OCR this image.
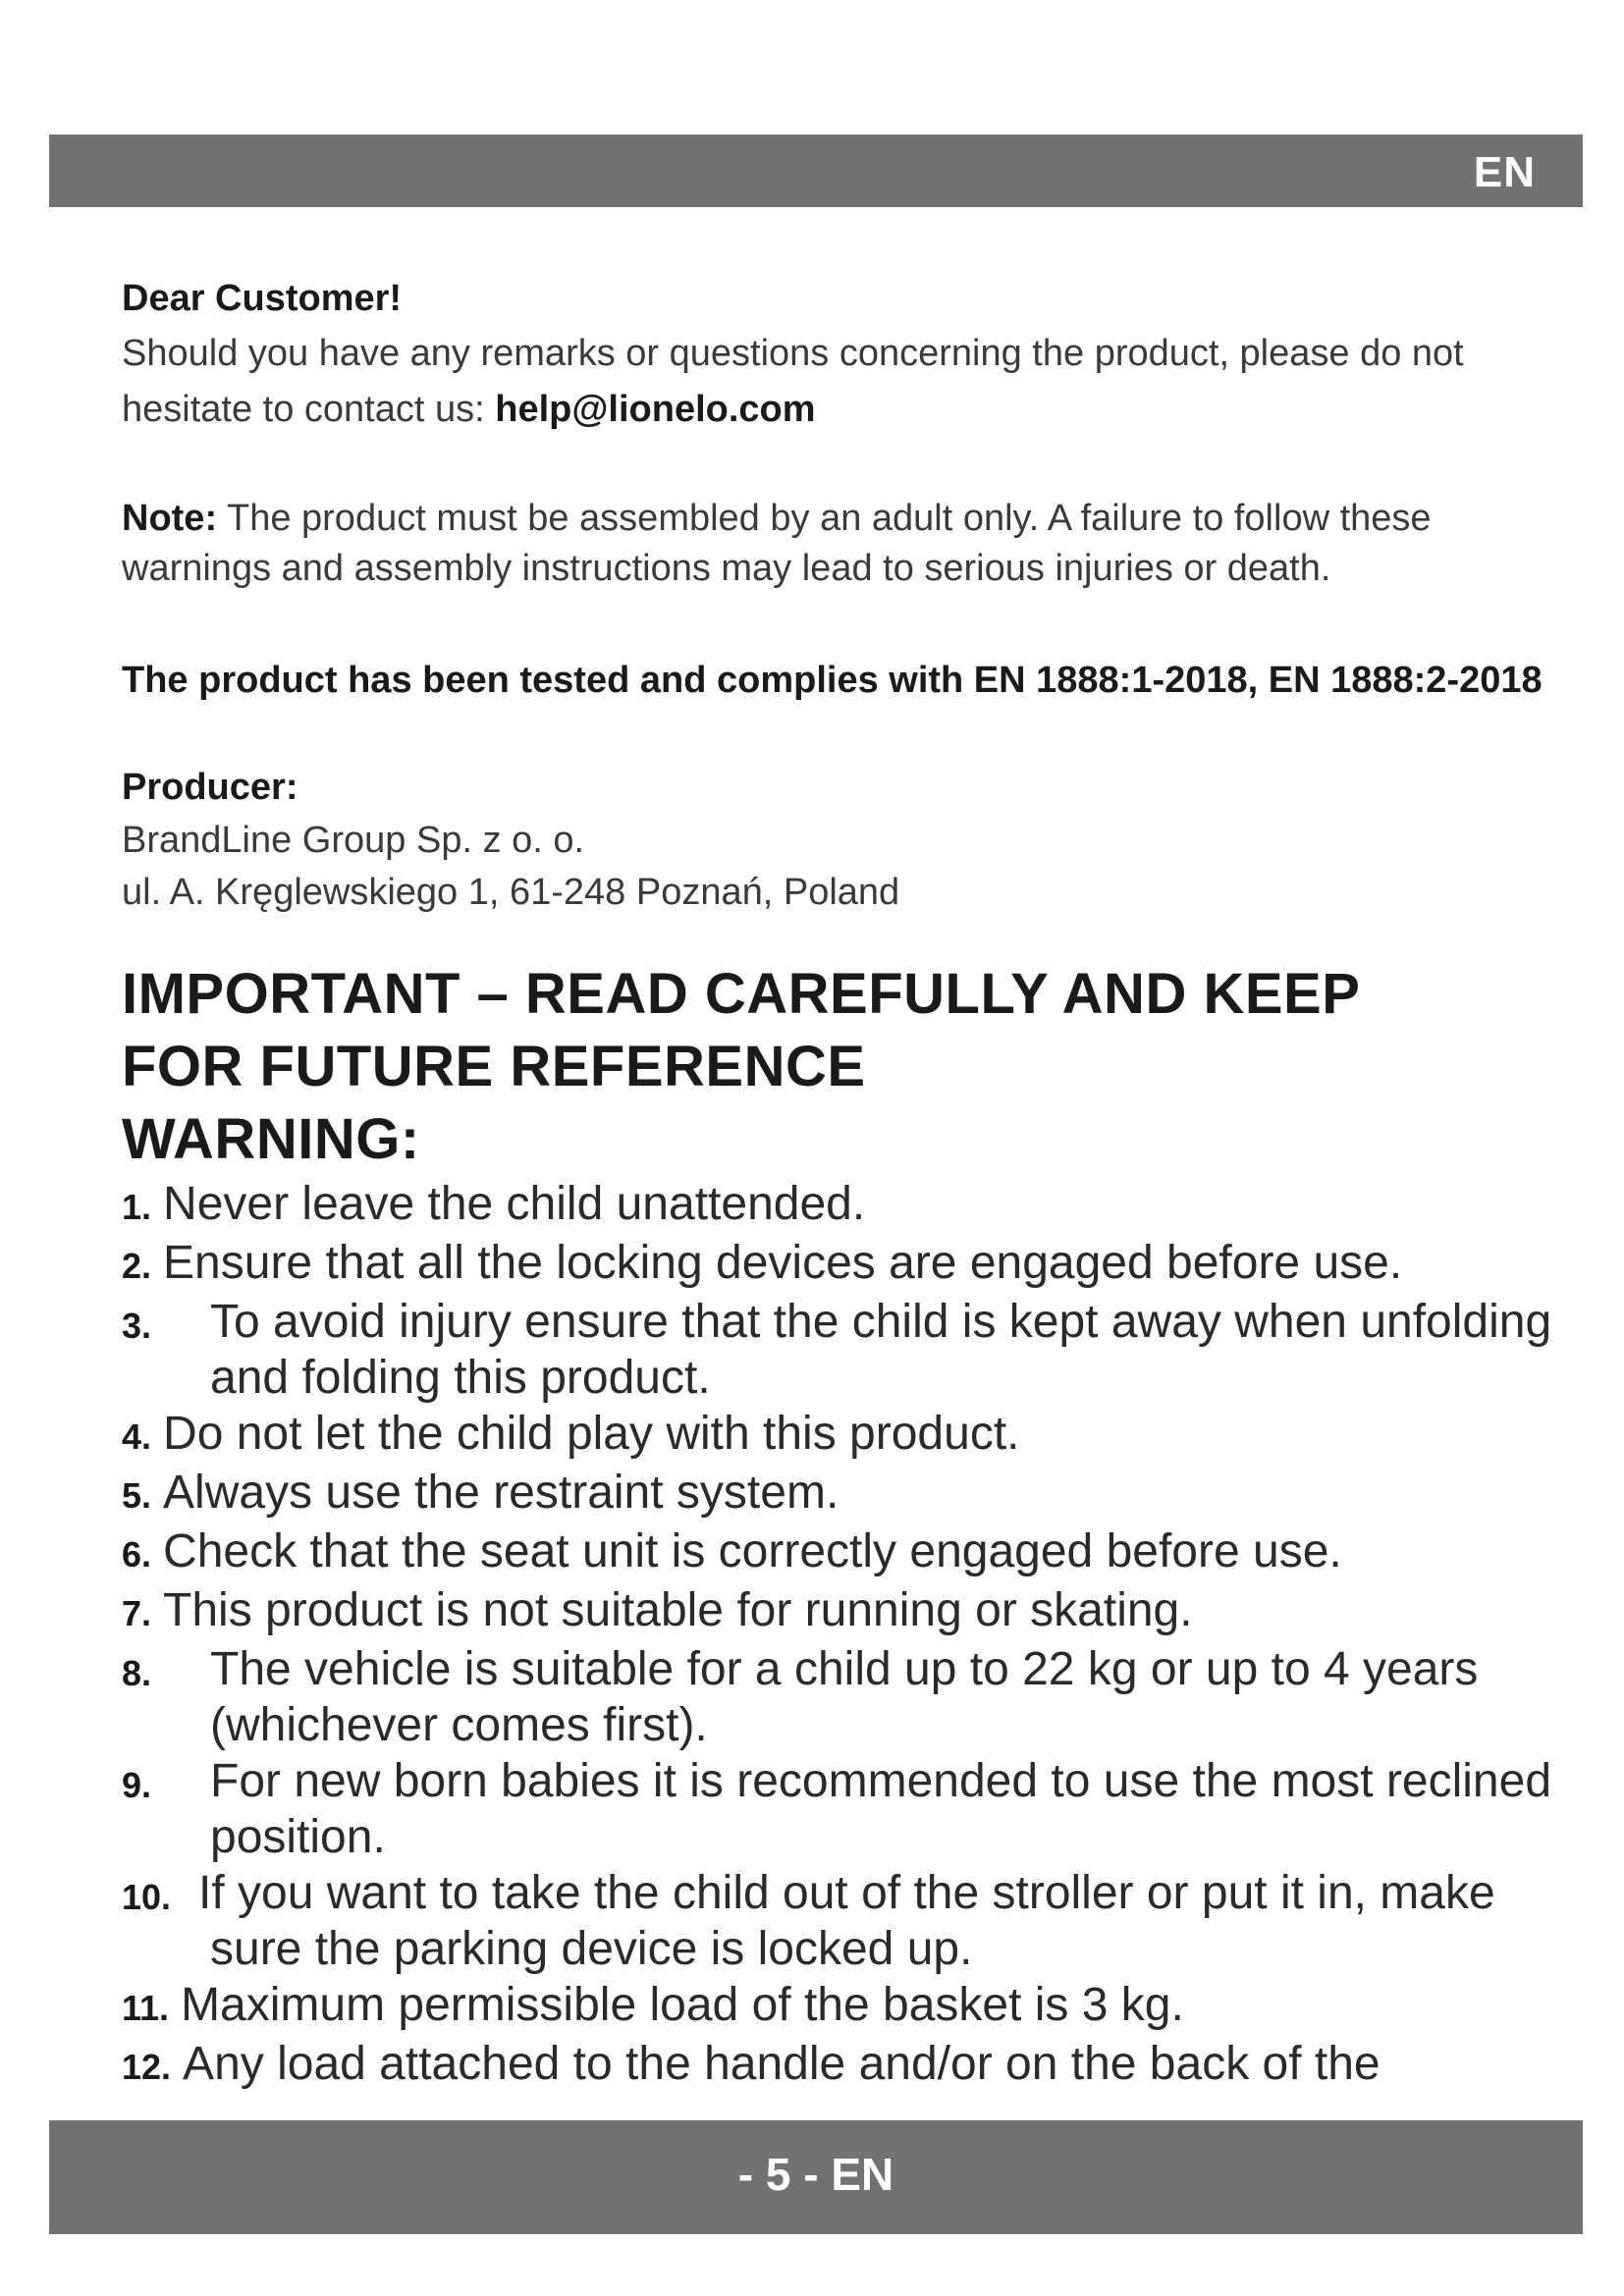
EN

Dear Customer!

Should you have any remarks or questions concerning the product, please do not hesitate to contact us: help@lionelo.com

Note: The product must be assembled by an adult only. A failure to follow these warnings and assembly instructions may lead to serious injuries or death.

The product has been tested and complies with EN 1888:1-2018, EN 1888:2-2018

Producer:

BrandLine Group Sp. z o. o.

ul. A. Kręglewskiego 1, 61-248 Poznań, Poland

IMPORTANT – READ CAREFULLY AND KEEP
FOR FUTURE REFERENCE
WARNING:
1. Never leave the child unattended.
2. Ensure that all the locking devices are engaged before use.
3. To avoid injury ensure that the child is kept away when unfolding and folding this product.
4. Do not let the child play with this product.
5. Always use the restraint system.
6. Check that the seat unit is correctly engaged before use.
7. This product is not suitable for running or skating.
8. The vehicle is suitable for a child up to 22 kg or up to 4 years (whichever comes first).
9. For new born babies it is recommended to use the most reclined position.
10. If you want to take the child out of the stroller or put it in, make sure the parking device is locked up.
11. Maximum permissible load of the basket is 3 kg.
12. Any load attached to the handle and/or on the back of the
- 5 - EN
